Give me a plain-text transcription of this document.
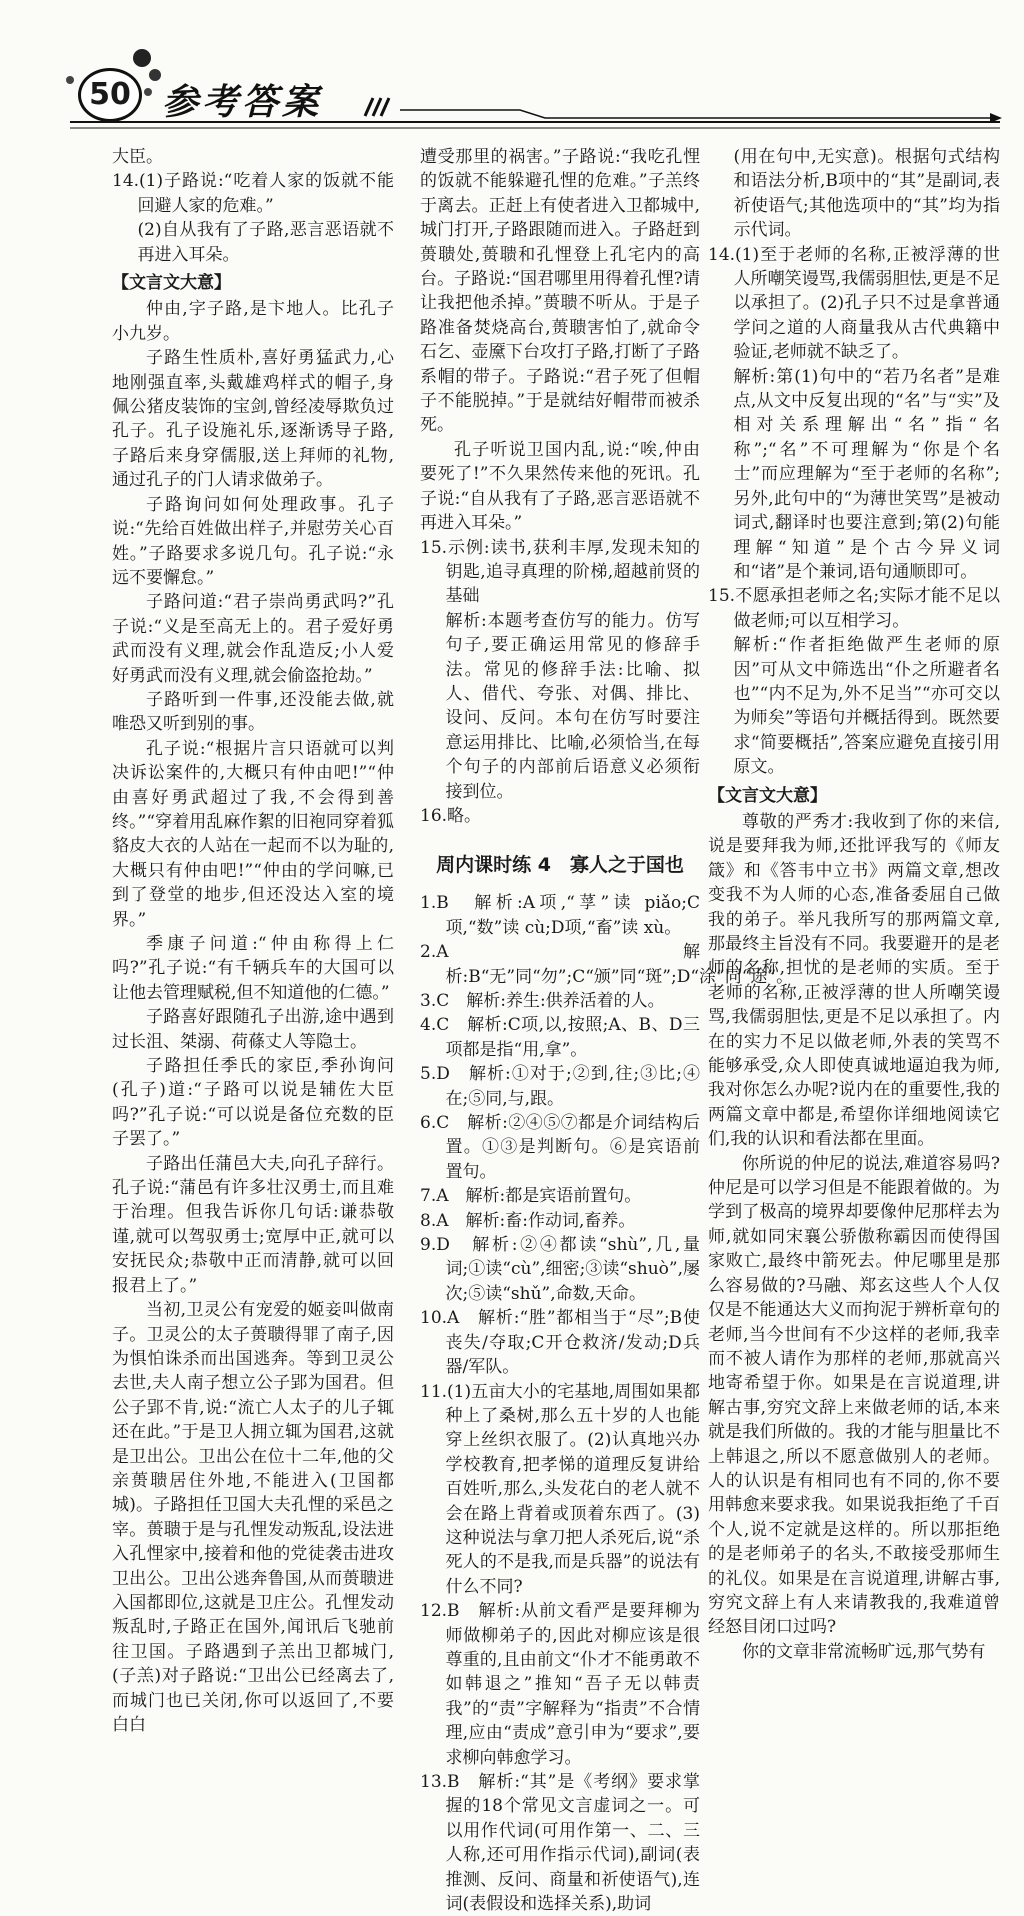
50 参考答案

大臣。

14.(1)子路说:“吃着人家的饭就不能回避人家的危难。”

(2)自从我有了子路,恶言恶语就不再进入耳朵。

【文言文大意】

仲由,字子路,是卞地人。比孔子小九岁。

子路生性质朴,喜好勇猛武力,心地刚强直率,头戴雄鸡样式的帽子,身佩公猪皮装饰的宝剑,曾经凌辱欺负过孔子。孔子设施礼乐,逐渐诱导子路,子路后来身穿儒服,送上拜师的礼物,通过孔子的门人请求做弟子。

子路询问如何处理政事。孔子说:“先给百姓做出样子,并慰劳关心百姓。”子路要求多说几句。孔子说:“永远不要懈怠。”

子路问道:“君子崇尚勇武吗?”孔子说:“义是至高无上的。君子爱好勇武而没有义理,就会作乱造反;小人爱好勇武而没有义理,就会偷盗抢劫。”

子路听到一件事,还没能去做,就唯恐又听到别的事。

孔子说:“根据片言只语就可以判决诉讼案件的,大概只有仲由吧!”“仲由喜好勇武超过了我,不会得到善终。”“穿着用乱麻作絮的旧袍同穿着狐貉皮大衣的人站在一起而不以为耻的,大概只有仲由吧!”“仲由的学问嘛,已到了登堂的地步,但还没达入室的境界。”

季康子问道:“仲由称得上仁吗?”孔子说:“有千辆兵车的大国可以让他去管理赋税,但不知道他的仁德。”

子路喜好跟随孔子出游,途中遇到过长沮、桀溺、荷蓧丈人等隐士。

子路担任季氏的家臣,季孙询问(孔子)道:“子路可以说是辅佐大臣吗?”孔子说:“可以说是备位充数的臣子罢了。”

子路出任蒲邑大夫,向孔子辞行。孔子说:“蒲邑有许多壮汉勇士,而且难于治理。但我告诉你几句话:谦恭敬谨,就可以驾驭勇士;宽厚中正,就可以安抚民众;恭敬中正而清静,就可以回报君上了。”

当初,卫灵公有宠爱的姬妾叫做南子。卫灵公的太子蒉聩得罪了南子,因为惧怕诛杀而出国逃奔。等到卫灵公去世,夫人南子想立公子郢为国君。但公子郢不肯,说:“流亡人太子的儿子辄还在此。”于是卫人拥立辄为国君,这就是卫出公。卫出公在位十二年,他的父亲蒉聩居住外地,不能进入(卫国都城)。子路担任卫国大夫孔悝的采邑之宰。蒉聩于是与孔悝发动叛乱,设法进入孔悝家中,接着和他的党徒袭击进攻卫出公。卫出公逃奔鲁国,从而蒉聩进入国都即位,这就是卫庄公。孔悝发动叛乱时,子路正在国外,闻讯后飞驰前往卫国。子路遇到子羔出卫都城门,(子羔)对子路说:“卫出公已经离去了,而城门也已关闭,你可以返回了,不要白白

遭受那里的祸害。”子路说:“我吃孔悝的饭就不能躲避孔悝的危难。”子羔终于离去。正赶上有使者进入卫都城中,城门打开,子路跟随而进入。子路赶到蒉聩处,蒉聩和孔悝登上孔宅内的高台。子路说:“国君哪里用得着孔悝?请让我把他杀掉。”蒉聩不听从。于是子路准备焚烧高台,蒉聩害怕了,就命令石乞、壶黡下台攻打子路,打断了子路系帽的带子。子路说:“君子死了但帽子不能脱掉。”于是就结好帽带而被杀死。

孔子听说卫国内乱,说:“唉,仲由要死了!”不久果然传来他的死讯。孔子说:“自从我有了子路,恶言恶语就不再进入耳朵。”

15.示例:读书,获利丰厚,发现未知的钥匙,追寻真理的阶梯,超越前贤的基础

解析:本题考查仿写的能力。仿写句子,要正确运用常见的修辞手法。常见的修辞手法:比喻、拟人、借代、夸张、对偶、排比、设问、反问。本句在仿写时要注意运用排比、比喻,必须恰当,在每个句子的内部前后语意义必须衔接到位。

16.略。

周内课时练 4　寡人之于国也

1.B　解析:A项,“莩”读 piǎo;C项,“数”读 cù;D项,“畜”读 xù。

2.A　解析:B“无”同“勿”;C“颁”同“斑”;D“涂”同“途”。

3.C　解析:养生:供养活着的人。

4.C　解析:C项,以,按照;A、B、D三项都是指“用,拿”。

5.D　解析:①对于;②到,往;③比;④在;⑤同,与,跟。

6.C　解析:②④⑤⑦都是介词结构后置。①③是判断句。⑥是宾语前置句。

7.A　解析:都是宾语前置句。

8.A　解析:畜:作动词,畜养。

9.D　解析:②④都读“shù”,几,量词;①读“cù”,细密;③读“shuò”,屡次;⑤读“shǔ”,命数,天命。

10.A　解析:“胜”都相当于“尽”;B使丧失/夺取;C开仓救济/发动;D兵器/军队。

11.(1)五亩大小的宅基地,周围如果都种上了桑树,那么五十岁的人也能穿上丝织衣服了。(2)认真地兴办学校教育,把孝悌的道理反复讲给百姓听,那么,头发花白的老人就不会在路上背着或顶着东西了。(3)这种说法与拿刀把人杀死后,说“杀死人的不是我,而是兵器”的说法有什么不同?

12.B　解析:从前文看严是要拜柳为师做柳弟子的,因此对柳应该是很尊重的,且由前文“仆才不能勇敢不如韩退之”推知“吾子无以韩责我”的“责”字解释为“指责”不合情理,应由“责成”意引申为“要求”,要求柳向韩愈学习。

13.B　解析:“其”是《考纲》要求掌握的18个常见文言虚词之一。可以用作代词(可用作第一、二、三人称,还可用作指示代词),副词(表推测、反问、商量和祈使语气),连词(表假设和选择关系),助词

(用在句中,无实意)。根据句式结构和语法分析,B项中的“其”是副词,表祈使语气;其他选项中的“其”均为指示代词。

14.(1)至于老师的名称,正被浮薄的世人所嘲笑谩骂,我儒弱胆怯,更是不足以承担了。(2)孔子只不过是拿普通学问之道的人商量我从古代典籍中验证,老师就不缺乏了。

解析:第(1)句中的“若乃名者”是难点,从文中反复出现的“名”与“实”及相对关系理解出“名”指“名称”;“名”不可理解为“你是个名士”而应理解为“至于老师的名称”;另外,此句中的“为薄世笑骂”是被动词式,翻译时也要注意到;第(2)句能理解“知道”是个古今异义词和“诸”是个兼词,语句通顺即可。

15.不愿承担老师之名;实际才能不足以做老师;可以互相学习。

解析:“作者拒绝做严生老师的原因”可从文中筛选出“仆之所避者名也”“内不足为,外不足当”“亦可交以为师矣”等语句并概括得到。既然要求“简要概括”,答案应避免直接引用原文。

【文言文大意】

尊敬的严秀才:我收到了你的来信,说是要拜我为师,还批评我写的《师友箴》和《答韦中立书》两篇文章,想改变我不为人师的心态,准备委屈自己做我的弟子。举凡我所写的那两篇文章,那最终主旨没有不同。我要避开的是老师的名称,担忧的是老师的实质。至于老师的名称,正被浮薄的世人所嘲笑谩骂,我儒弱胆怯,更是不足以承担了。内在的实力不足以做老师,外表的笑骂不能够承受,众人即使真诚地逼迫我为师,我对你怎么办呢?说内在的重要性,我的两篇文章中都是,希望你详细地阅读它们,我的认识和看法都在里面。

你所说的仲尼的说法,难道容易吗?仲尼是可以学习但是不能跟着做的。为学到了极高的境界却要像仲尼那样去为师,就如同宋襄公骄傲称霸因而使得国家败亡,最终中箭死去。仲尼哪里是那么容易做的?马融、郑玄这些人个人仅仅是不能通达大义而拘泥于辨析章句的老师,当今世间有不少这样的老师,我幸而不被人请作为那样的老师,那就高兴地寄希望于你。如果是在言说道理,讲解古事,穷究文辞上来做老师的话,本来就是我们所做的。我的才能与胆量比不上韩退之,所以不愿意做别人的老师。人的认识是有相同也有不同的,你不要用韩愈来要求我。如果说我拒绝了千百个人,说不定就是这样的。所以那拒绝的是老师弟子的名头,不敢接受那师生的礼仪。如果是在言说道理,讲解古事,穷究文辞上有人来请教我的,我难道曾经怒目闭口过吗?

你的文章非常流畅旷远,那气势有
